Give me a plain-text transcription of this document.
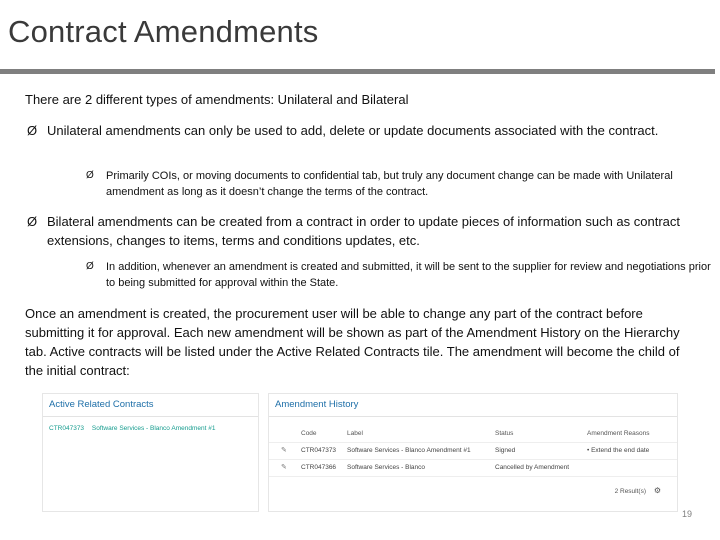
Contract Amendments
There are 2 different types of amendments: Unilateral and Bilateral
Ø Unilateral amendments can only be used to add, delete or update documents associated with the contract.
Ø Primarily COIs, or moving documents to confidential tab, but truly any document change can be made with Unilateral amendment as long as it doesn’t change the terms of the contract.
Ø Bilateral amendments can be created from a contract in order to update pieces of information such as contract extensions, changes to items, terms and conditions updates, etc.
Ø In addition, whenever an amendment is created and submitted, it will be sent to the supplier for review and negotiations prior to being submitted for approval within the State.
Once an amendment is created, the procurement user will be able to change any part of the contract before submitting it for approval. Each new amendment will be shown as part of the Amendment History on the Hierarchy tab. Active contracts will be listed under the Active Related Contracts tile. The amendment will become the child of the initial contract:
Active Related Contracts
CTR047373 Software Services - Blanco Amendment #1
Amendment History
Code	Label	Status	Amendment Reasons
✎ CTR047373 Software Services - Blanco Amendment #1	Signed	• Extend the end date
✎ CTR047366 Software Services - Blanco	Cancelled by Amendment
2 Result(s) ⚙
19
